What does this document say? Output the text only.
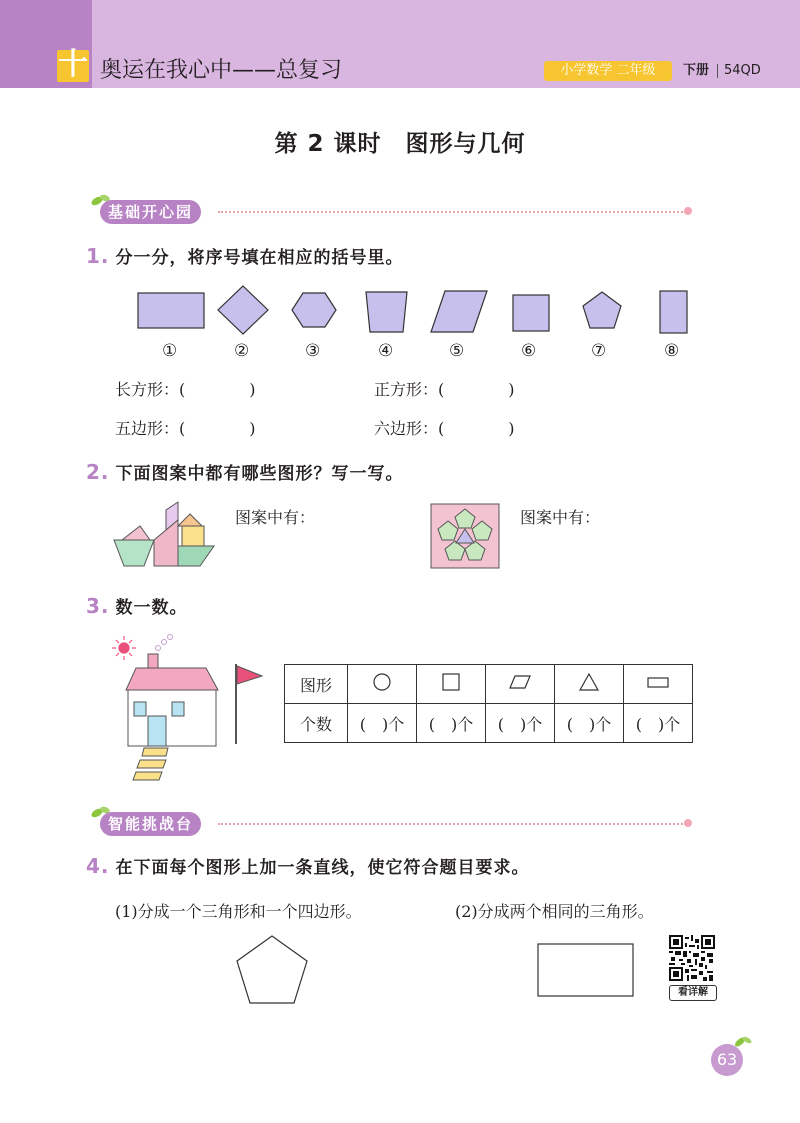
十 奥运在我心中——总复习	小学数学 二年级	下册 54QD
第 2 课时　图形与几何
基础开心园
1. 分一分，将序号填在相应的括号里。
①	②	③	④	⑤	⑥	⑦	⑧
长方形：(　　　　)	正方形：(　　　　)
五边形：(　　　　)	六边形：(　　　　)
2. 下面图案中都有哪些图形？写一写。
图案中有：	图案中有：
3. 数一数。
图形					
个数	(　)个	(　)个	(　)个	(　)个	(　)个
智能挑战台
4. 在下面每个图形上加一条直线，使它符合题目要求。
(1)分成一个三角形和一个四边形。	(2)分成两个相同的三角形。
看详解
63
